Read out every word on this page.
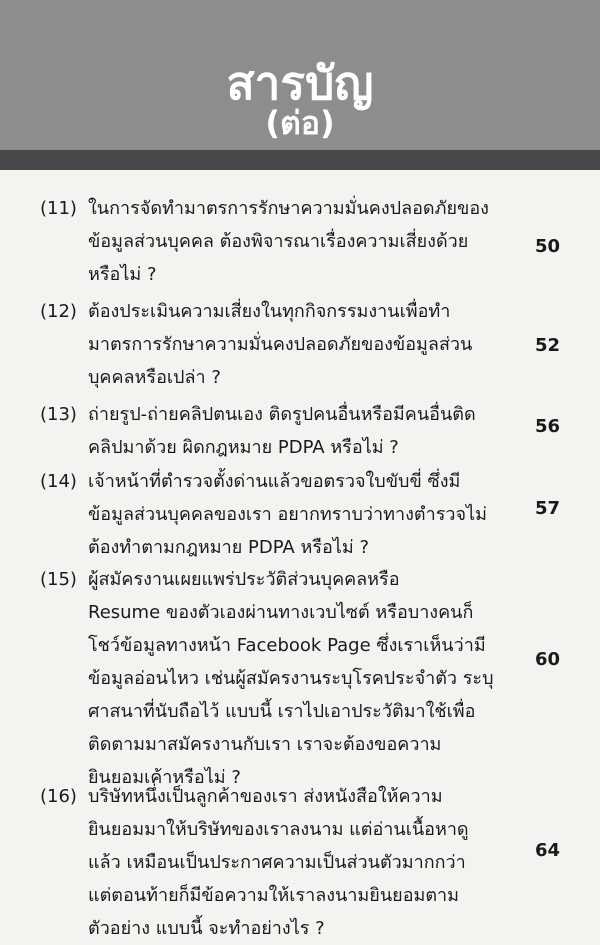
สารบัญ
(ต่อ)
(11) ในการจัดทำมาตรการรักษาความมั่นคงปลอดภัยของ
ข้อมูลส่วนบุคคล ต้องพิจารณาเรื่องความเสี่ยงด้วย
หรือไม่ ?
50
(12) ต้องประเมินความเสี่ยงในทุกกิจกรรมงานเพื่อทำ
มาตรการรักษาความมั่นคงปลอดภัยของข้อมูลส่วน
บุคคลหรือเปล่า ?
52
(13) ถ่ายรูป-ถ่ายคลิปตนเอง ติดรูปคนอื่นหรือมีคนอื่นติด
คลิปมาด้วย ผิดกฎหมาย PDPA หรือไม่ ?
56
(14) เจ้าหน้าที่ตำรวจตั้งด่านแล้วขอตรวจใบขับขี่ ซึ่งมี
ข้อมูลส่วนบุคคลของเรา อยากทราบว่าทางตำรวจไม่
ต้องทำตามกฎหมาย PDPA หรือไม่ ?
57
(15) ผู้สมัครงานเผยแพร่ประวัติส่วนบุคคลหรือ
Resume ของตัวเองผ่านทางเวบไซต์ หรือบางคนก็
โชว์ข้อมูลทางหน้า Facebook Page ซึ่งเราเห็นว่ามี
ข้อมูลอ่อนไหว เช่นผู้สมัครงานระบุโรคประจำตัว ระบุ
ศาสนาที่นับถือไว้ แบบนี้ เราไปเอาประวัติมาใช้เพื่อ
ติดตามมาสมัครงานกับเรา เราจะต้องขอความ
ยินยอมเค้าหรือไม่ ?
60
(16) บริษัทหนึ่งเป็นลูกค้าของเรา ส่งหนังสือให้ความ
ยินยอมมาให้บริษัทของเราลงนาม แต่อ่านเนื้อหาดู
แล้ว เหมือนเป็นประกาศความเป็นส่วนตัวมากกว่า
แต่ตอนท้ายก็มีข้อความให้เราลงนามยินยอมตาม
ตัวอย่าง แบบนี้ จะทำอย่างไร ?
64
